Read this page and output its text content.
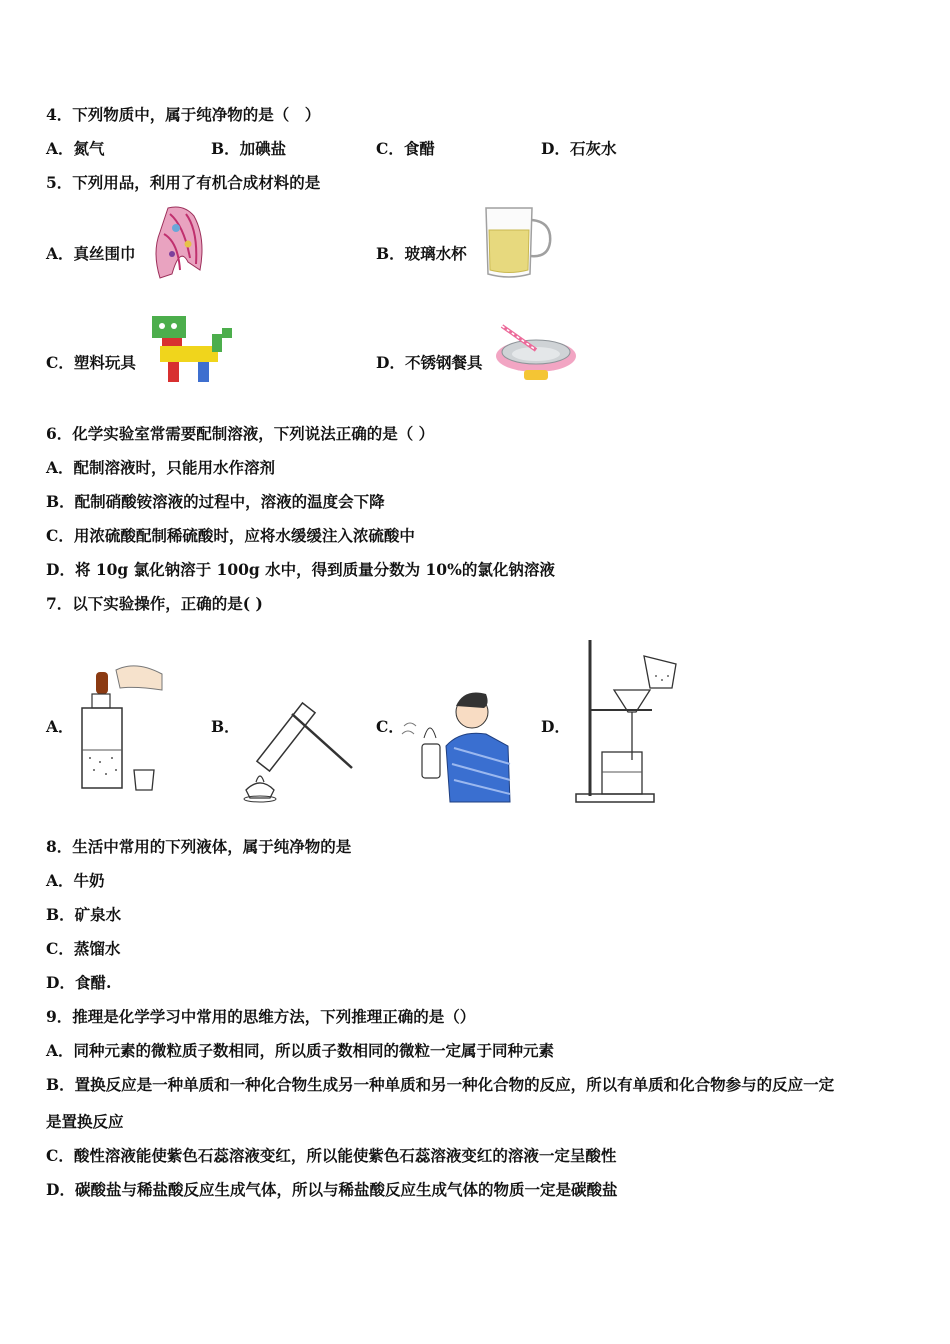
4．下列物质中，属于纯净物的是（　）
A．氮气	B．加碘盐	C．食醋	D．石灰水
5．下列用品，利用了有机合成材料的是
A．真丝围巾	B．玻璃水杯
C．塑料玩具	D．不锈钢餐具
6．化学实验室常需要配制溶液，下列说法正确的是（ ）
A．配制溶液时，只能用水作溶剂
B．配制硝酸铵溶液的过程中，溶液的温度会下降
C．用浓硫酸配制稀硫酸时，应将水缓缓注入浓硫酸中
D．将 10g 氯化钠溶于 100g 水中，得到质量分数为 10%的氯化钠溶液
7．以下实验操作，正确的是( )
A．	B．	C．	D．
8．生活中常用的下列液体，属于纯净物的是
A．牛奶
B．矿泉水
C．蒸馏水
D．食醋.
9．推理是化学学习中常用的思维方法，下列推理正确的是（）
A．同种元素的微粒质子数相同，所以质子数相同的微粒一定属于同种元素
B．置换反应是一种单质和一种化合物生成另一种单质和另一种化合物的反应，所以有单质和化合物参与的反应一定
是置换反应
C．酸性溶液能使紫色石蕊溶液变红，所以能使紫色石蕊溶液变红的溶液一定呈酸性
D．碳酸盐与稀盐酸反应生成气体，所以与稀盐酸反应生成气体的物质一定是碳酸盐
